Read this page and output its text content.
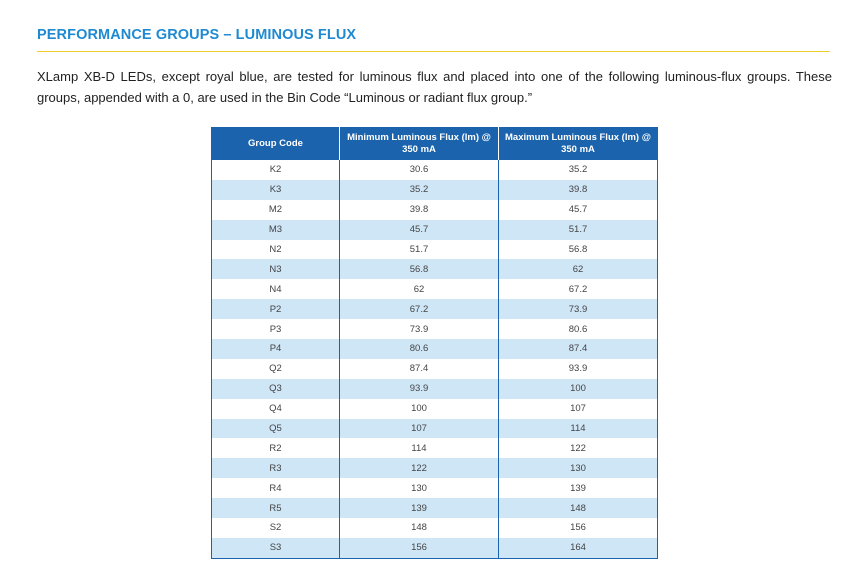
PERFORMANCE GROUPS – LUMINOUS FLUX
XLamp XB-D LEDs, except royal blue, are tested for luminous flux and placed into one of the following luminous-flux groups. These groups, appended with a 0, are used in the Bin Code “Luminous or radiant flux group.”
Group Code	Minimum Luminous Flux (lm) @ 350 mA	Maximum Luminous Flux (lm) @ 350 mA
K2	30.6	35.2
K3	35.2	39.8
M2	39.8	45.7
M3	45.7	51.7
N2	51.7	56.8
N3	56.8	62
N4	62	67.2
P2	67.2	73.9
P3	73.9	80.6
P4	80.6	87.4
Q2	87.4	93.9
Q3	93.9	100
Q4	100	107
Q5	107	114
R2	114	122
R3	122	130
R4	130	139
R5	139	148
S2	148	156
S3	156	164
